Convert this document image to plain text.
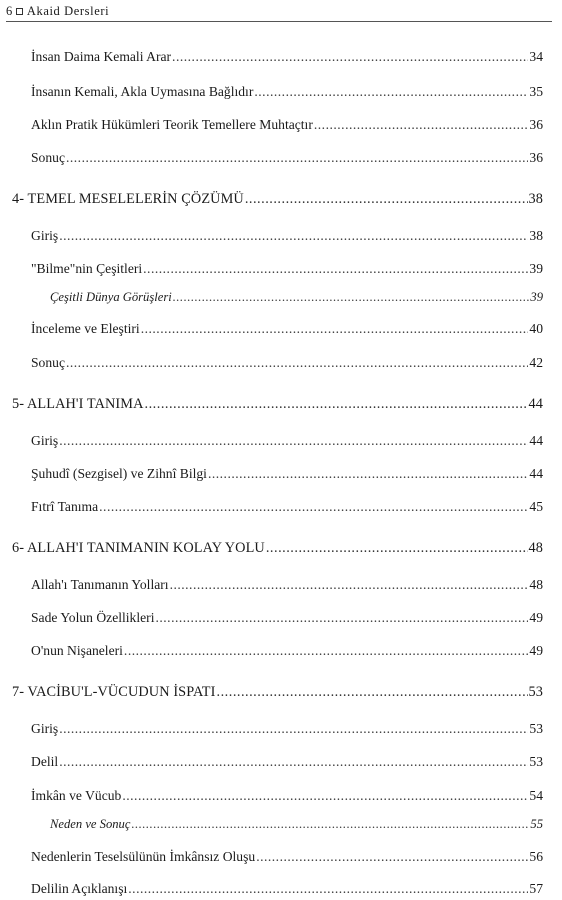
6 Akaid Dersleri
İnsan Daima Kemali Arar .....	34
İnsanın Kemali, Akla Uymasına Bağlıdır .....	35
Aklın Pratik Hükümleri Teorik Temellere Muhtaçtır .....	36
Sonuç .....	36
4- TEMEL MESELELERİN ÇÖZÜMÜ .....	38
Giriş .....	38
"Bilme"nin Çeşitleri .....	39
Çeşitli Dünya Görüşleri .....	39
İnceleme ve Eleştiri .....	40
Sonuç .....	42
5- ALLAH'I TANIMA .....	44
Giriş .....	44
Şuhudî (Sezgisel) ve Zihnî Bilgi .....	44
Fıtrî Tanıma .....	45
6- ALLAH'I TANIMANIN KOLAY YOLU .....	48
Allah'ı Tanımanın Yolları .....	48
Sade Yolun Özellikleri .....	49
O'nun Nişaneleri .....	49
7- VACİBU'L-VÜCUDUN İSPATI .....	53
Giriş .....	53
Delil .....	53
İmkân ve Vücub .....	54
Neden ve Sonuç .....	55
Nedenlerin Teselsülünün İmkânsız Oluşu .....	56
Delilin Açıklanışı .....	57
